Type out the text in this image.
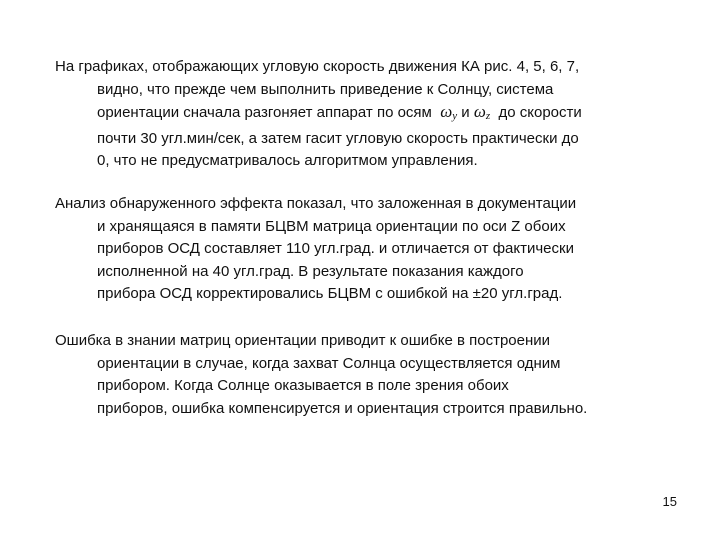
На графиках, отображающих угловую скорость движения КА рис. 4, 5, 6, 7,
видно, что прежде чем выполнить приведение к Солнцу, система
ориентации сначала разгоняет аппарат по осям $\omega_y$ и $\omega_z$ до скорости
почти 30 угл.мин/сек, а затем гасит угловую скорость практически до
0, что не предусматривалось алгоритмом управления.
Анализ обнаруженного эффекта показал, что заложенная в документации
и хранящаяся в памяти БЦВМ матрица ориентации по оси Z обоих
приборов ОСД составляет 110 угл.град. и отличается от фактически
исполненной на 40 угл.град. В результате показания каждого
прибора ОСД корректировались БЦВМ с ошибкой на ±20 угл.град.
Ошибка в знании матриц ориентации приводит к ошибке в построении
ориентации в случае, когда захват Солнца осуществляется одним
прибором. Когда Солнце оказывается в поле зрения обоих
приборов, ошибка компенсируется и ориентация строится правильно.
15
